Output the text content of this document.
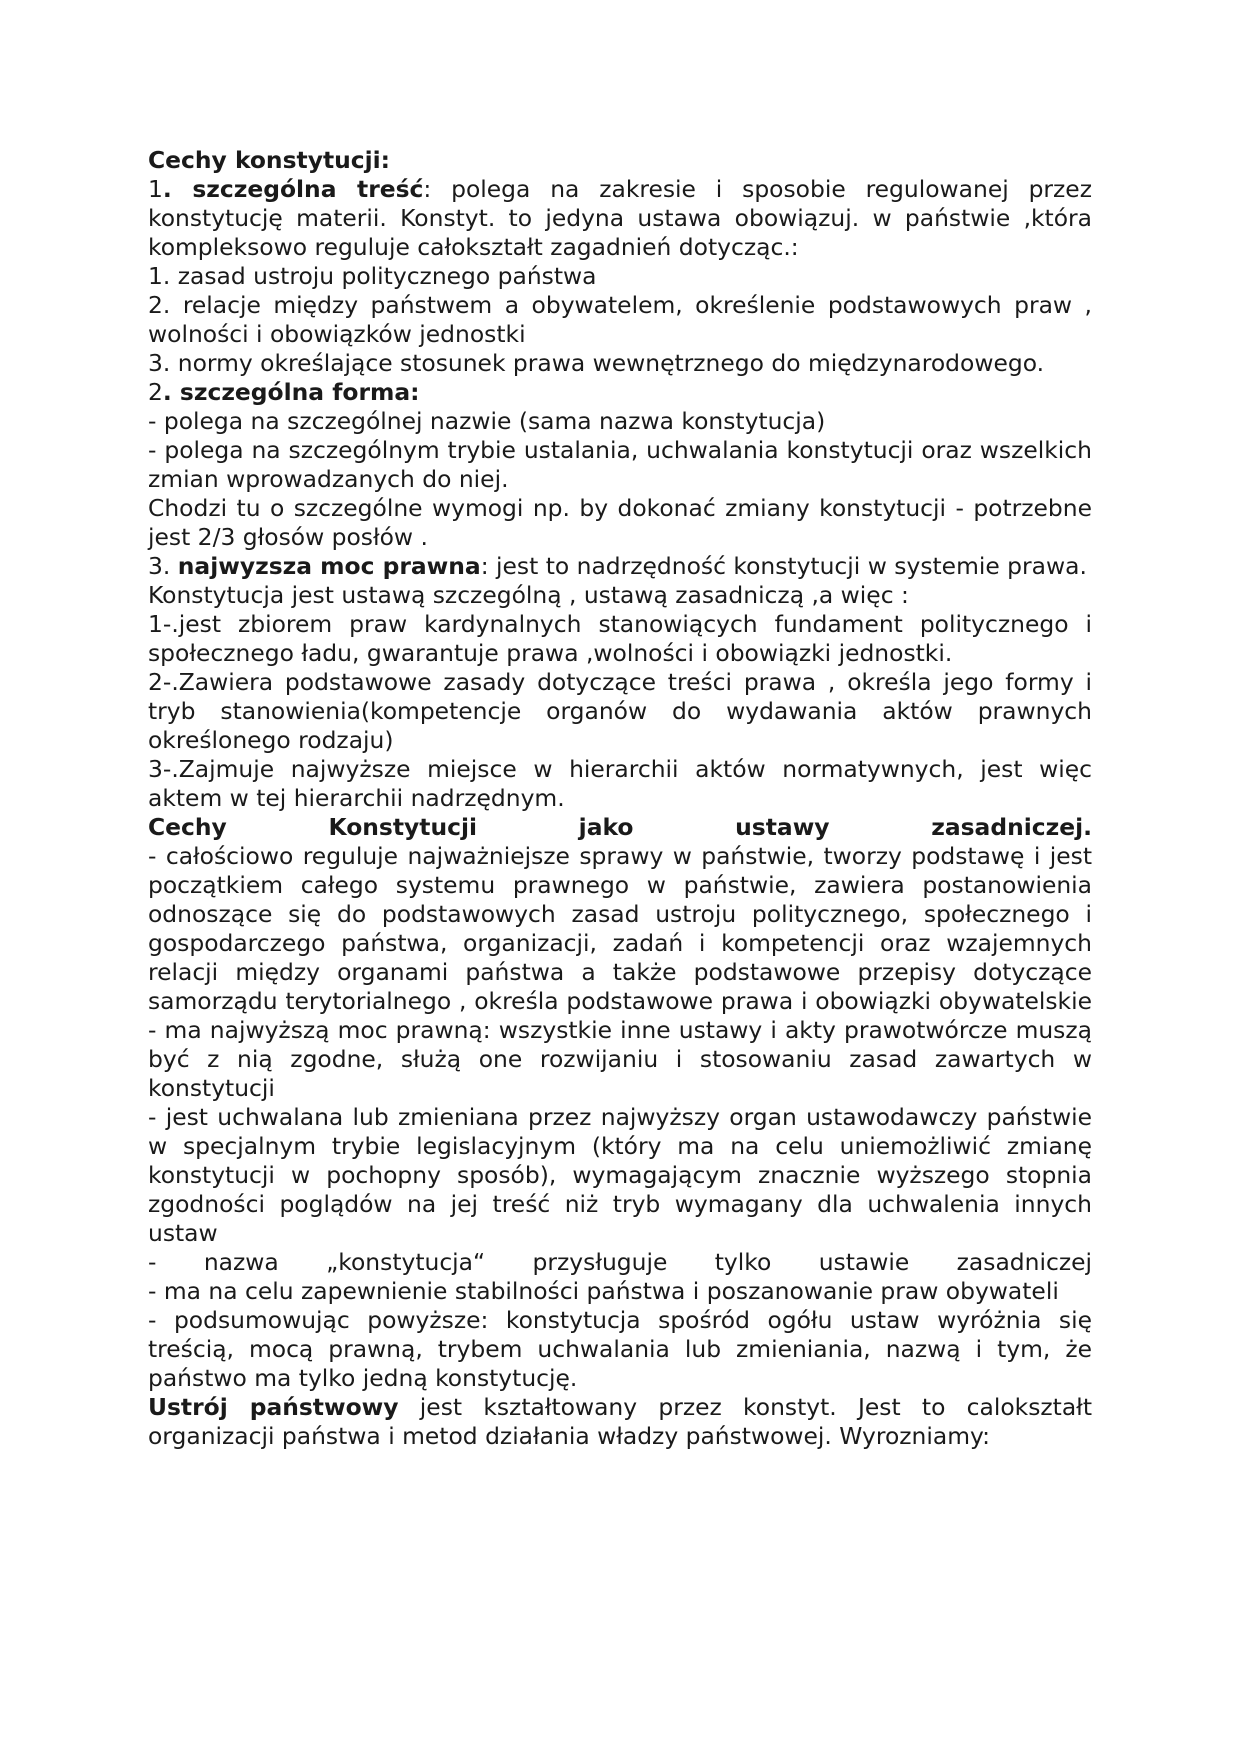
Cechy konstytucji:

1. szczególna treść: polega na zakresie i sposobie regulowanej przez konstytucję materii. Konstyt. to jedyna ustawa obowiązuj. w państwie ,która kompleksowo reguluje całokształt zagadnień dotycząc.:

1. zasad ustroju politycznego państwa

2. relacje między państwem a obywatelem, określenie podstawowych praw , wolności i obowiązków jednostki

3. normy określające stosunek prawa wewnętrznego do międzynarodowego.

2. szczególna forma:

- polega na szczególnej nazwie (sama nazwa konstytucja)

- polega na szczególnym trybie ustalania, uchwalania konstytucji oraz wszelkich zmian wprowadzanych do niej.

Chodzi tu o szczególne wymogi np. by dokonać zmiany konstytucji - potrzebne jest 2/3 głosów posłów .

3. najwyzsza moc prawna: jest to nadrzędność konstytucji w systemie prawa.

Konstytucja jest ustawą szczególną , ustawą zasadniczą ,a więc :

1-.jest zbiorem praw kardynalnych stanowiących fundament politycznego i społecznego ładu, gwarantuje prawa ,wolności i obowiązki jednostki.

2-.Zawiera podstawowe zasady dotyczące treści prawa , określa jego formy i tryb stanowienia(kompetencje organów do wydawania aktów prawnych określonego rodzaju)

3-.Zajmuje najwyższe miejsce w hierarchii aktów normatywnych, jest więc aktem w tej hierarchii nadrzędnym.

Cechy Konstytucji jako ustawy zasadniczej.

- całościowo reguluje najważniejsze sprawy w państwie, tworzy podstawę i jest początkiem całego systemu prawnego w państwie, zawiera postanowienia odnoszące się do podstawowych zasad ustroju politycznego, społecznego i gospodarczego państwa, organizacji, zadań i kompetencji oraz wzajemnych relacji między organami państwa a także podstawowe przepisy dotyczące samorządu terytorialnego , określa podstawowe prawa i obowiązki obywatelskie

- ma najwyższą moc prawną: wszystkie inne ustawy i akty prawotwórcze muszą być z nią zgodne, służą one rozwijaniu i stosowaniu zasad zawartych w konstytucji

- jest uchwalana lub zmieniana przez najwyższy organ ustawodawczy państwie w specjalnym trybie legislacyjnym (który ma na celu uniemożliwić zmianę konstytucji w pochopny sposób), wymagającym znacznie wyższego stopnia zgodności poglądów na jej treść niż tryb wymagany dla uchwalenia innych ustaw

- nazwa „konstytucja“ przysługuje tylko ustawie zasadniczej

- ma na celu zapewnienie stabilności państwa i poszanowanie praw obywateli

- podsumowując powyższe: konstytucja spośród ogółu ustaw wyróżnia się treścią, mocą prawną, trybem uchwalania lub zmieniania, nazwą i tym, że państwo ma tylko jedną konstytucję.

Ustrój państwowy jest kształtowany przez konstyt. Jest to calokształt organizacji państwa i metod działania władzy państwowej. Wyrozniamy:
